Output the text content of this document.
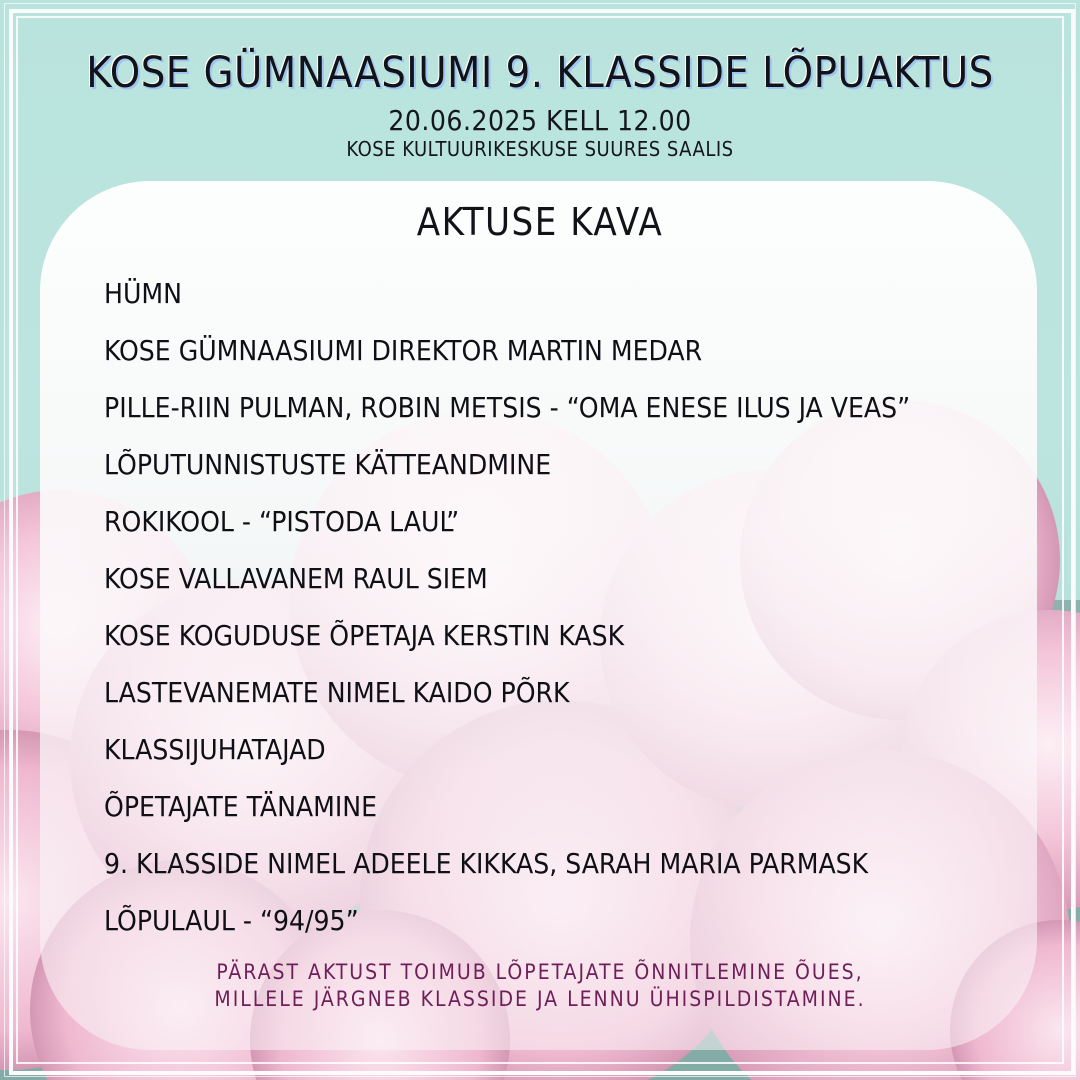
KOSE GÜMNAASIUMI 9. KLASSIDE LÕPUAKTUS
20.06.2025 KELL 12.00
KOSE KULTUURIKESKUSE SUURES SAALIS
AKTUSE KAVA
HÜMN
KOSE GÜMNAASIUMI DIREKTOR MARTIN MEDAR
PILLE-RIIN PULMAN, ROBIN METSIS - “OMA ENESE ILUS JA VEAS”
LÕPUTUNNISTUSTE KÄTTEANDMINE
ROKIKOOL - “PISTODA LAUL”
KOSE VALLAVANEM RAUL SIEM
KOSE KOGUDUSE ÕPETAJA KERSTIN KASK
LASTEVANEMATE NIMEL KAIDO PÕRK
KLASSIJUHATAJAD
ÕPETAJATE TÄNAMINE
9. KLASSIDE NIMEL ADEELE KIKKAS, SARAH MARIA PARMASK
LÕPULAUL - “94/95”
PÄRAST AKTUST TOIMUB LÕPETAJATE ÕNNITLEMINE ÕUES,
MILLELE JÄRGNEB KLASSIDE JA LENNU ÜHISPILDISTAMINE.
